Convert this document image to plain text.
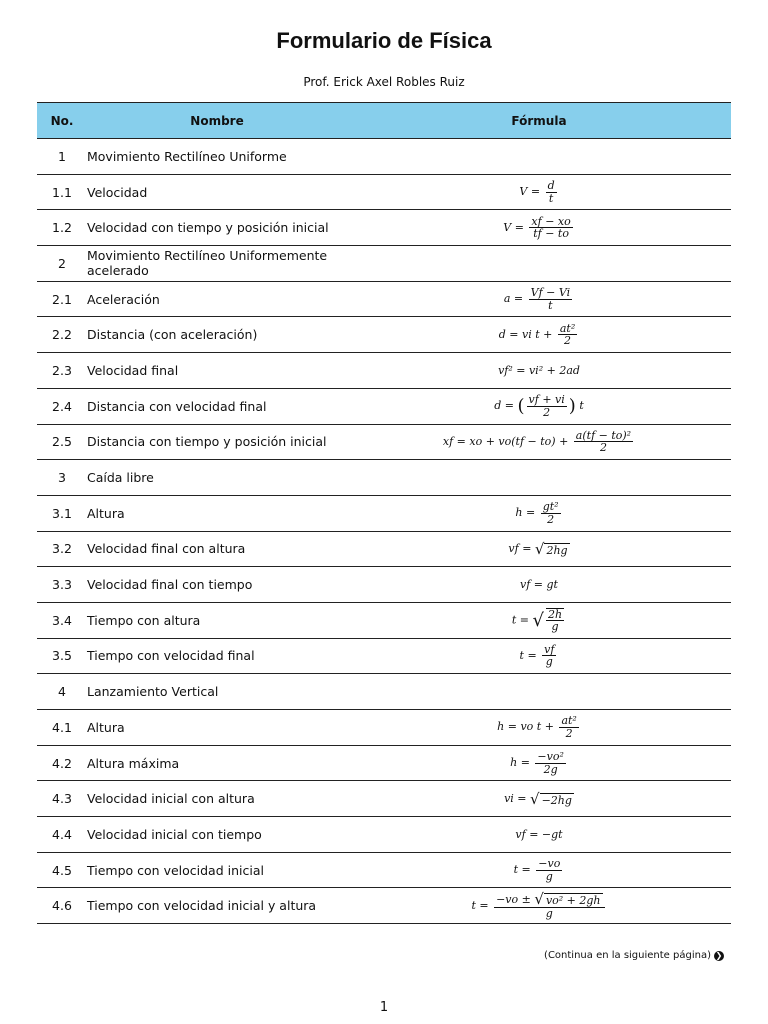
Formulario de Física
Prof. Erick Axel Robles Ruiz
No.	Nombre	Fórmula
1	Movimiento Rectilíneo Uniforme	
1.1	Velocidad	$V = \frac{d}{t}$

1.2	Velocidad con tiempo y posición inicial	$V = \frac{xf - xo}{tf - to}$

2	Movimiento Rectilíneo Uniformemente acelerado	
2.1	Aceleración	$a = \frac{Vf - Vi}{t}$

2.2	Distancia (con aceleración)	d = vi $t + \frac{\text{at²}}{2}$

2.3	Velocidad final	vf² = vi² + 2ad
2.4	Distancia con velocidad final	d = ( $\frac{vf + vi}{2}$ ) t
2.5	Distancia con tiempo y posición inicial	xf = xo + $vo(tf - to) + \frac{\text{a(tf − to)²}}{2}$

3	Caída libre	
3.1	Altura	$h = \frac{\text{gt²}}{2}$

3.2	Velocidad final con altura	vf = √ 2hg
3.3	Velocidad final con tiempo	vf = gt
3.4	Tiempo con altura	t = √ $\frac{2h}{g}$

3.5	Tiempo con velocidad final	$t = \frac{vf}{g}$

4	Lanzamiento Vertical	
4.1	Altura	h = vo $t + \frac{\text{at²}}{2}$

4.2	Altura máxima	$h = \frac{\text{−vo²}}{2g}$

4.3	Velocidad inicial con altura	vi = √ −2hg
4.4	Velocidad inicial con tiempo	vf = −gt
4.5	Tiempo con velocidad inicial	$t = \frac{-vo}{g}$

4.6	Tiempo con velocidad inicial y altura	$t = \frac{\text{−vo ± √ vo² + 2gh}}{g}$
(Continua en la siguiente página) ❯
1
